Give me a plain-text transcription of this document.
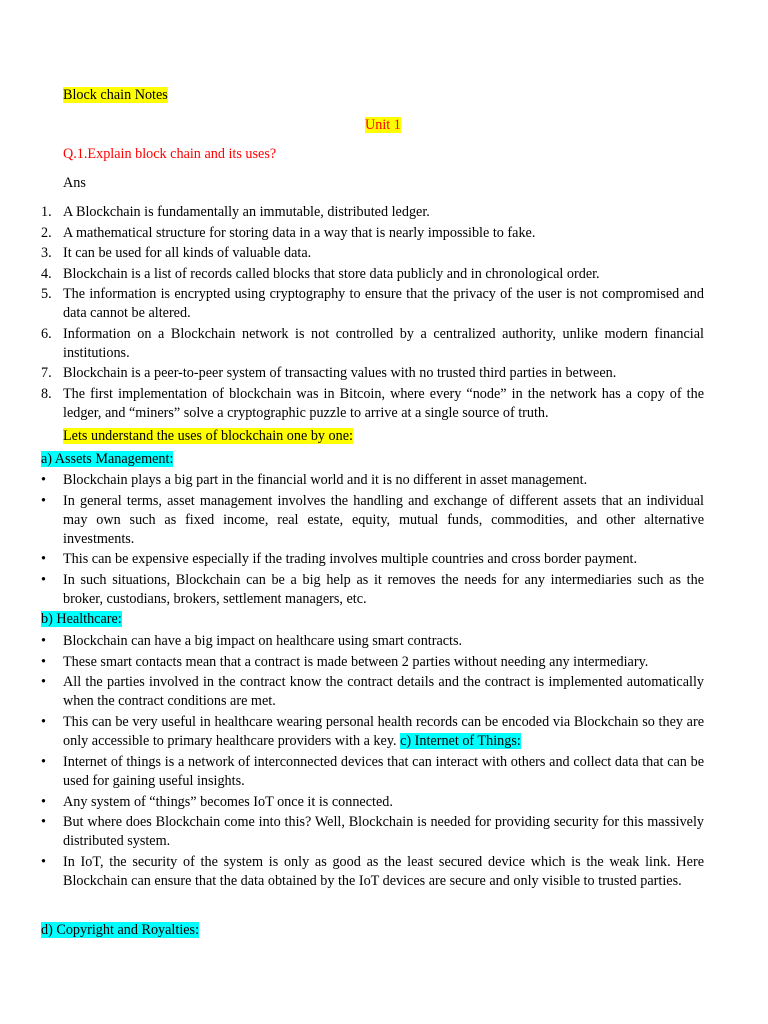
Block chain Notes
Unit 1
Q.1.Explain block chain and its uses?
Ans
1. A Blockchain is fundamentally an immutable, distributed ledger.
2. A mathematical structure for storing data in a way that is nearly impossible to fake.
3. It can be used for all kinds of valuable data.
4. Blockchain is a list of records called blocks that store data publicly and in chronological order.
5. The information is encrypted using cryptography to ensure that the privacy of the user is not compromised and data cannot be altered.
6. Information on a Blockchain network is not controlled by a centralized authority, unlike modern financial institutions.
7. Blockchain is a peer-to-peer system of transacting values with no trusted third parties in between.
8. The first implementation of blockchain was in Bitcoin, where every “node” in the network has a copy of the ledger, and “miners” solve a cryptographic puzzle to arrive at a single source of truth.
Lets understand the uses of blockchain one by one:
a) Assets Management:
• Blockchain plays a big part in the financial world and it is no different in asset management.
• In general terms, asset management involves the handling and exchange of different assets that an individual may own such as fixed income, real estate, equity, mutual funds, commodities, and other alternative investments.
• This can be expensive especially if the trading involves multiple countries and cross border payment.
• In such situations, Blockchain can be a big help as it removes the needs for any intermediaries such as the broker, custodians, brokers, settlement managers, etc.
b) Healthcare:
• Blockchain can have a big impact on healthcare using smart contracts.
• These smart contacts mean that a contract is made between 2 parties without needing any intermediary.
• All the parties involved in the contract know the contract details and the contract is implemented automatically when the contract conditions are met.
• This can be very useful in healthcare wearing personal health records can be encoded via Blockchain so they are only accessible to primary healthcare providers with a key. c) Internet of Things:
• Internet of things is a network of interconnected devices that can interact with others and collect data that can be used for gaining useful insights.
• Any system of “things” becomes IoT once it is connected.
• But where does Blockchain come into this? Well, Blockchain is needed for providing security for this massively distributed system.
• In IoT, the security of the system is only as good as the least secured device which is the weak link. Here Blockchain can ensure that the data obtained by the IoT devices are secure and only visible to trusted parties.
d) Copyright and Royalties:
